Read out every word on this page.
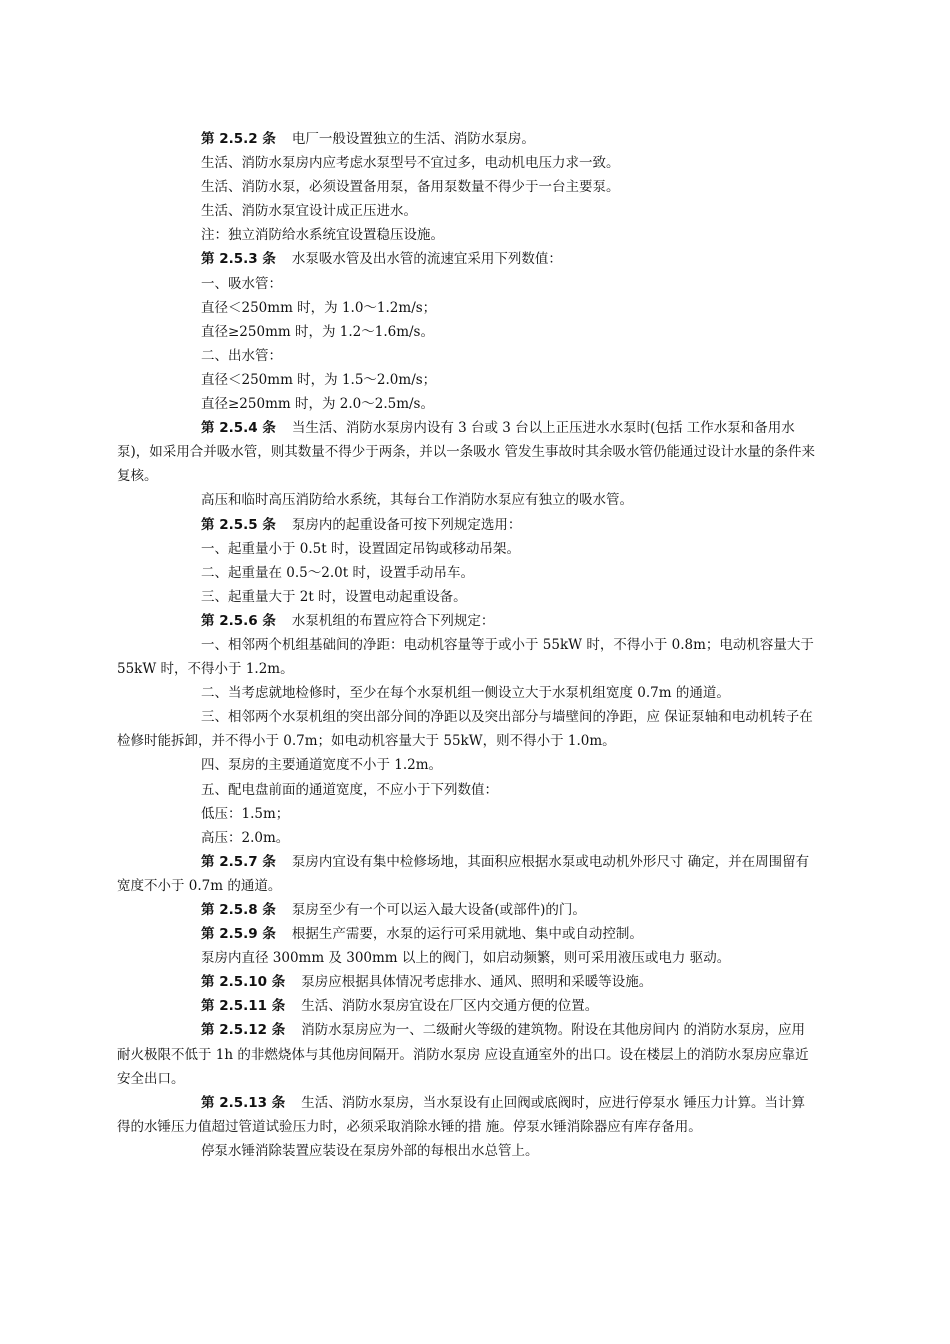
第 2.5.2 条 电厂一般设置独立的生活、消防水泵房。

生活、消防水泵房内应考虑水泵型号不宜过多，电动机电压力求一致。

生活、消防水泵，必须设置备用泵，备用泵数量不得少于一台主要泵。

生活、消防水泵宜设计成正压进水。

注：独立消防给水系统宜设置稳压设施。

第 2.5.3 条 水泵吸水管及出水管的流速宜采用下列数值：

一、吸水管：

直径＜250mm 时，为 1.0～1.2m/s；

直径≥250mm 时，为 1.2～1.6m/s。

二、出水管：

直径＜250mm 时，为 1.5～2.0m/s；

直径≥250mm 时，为 2.0～2.5m/s。

第 2.5.4 条 当生活、消防水泵房内设有 3 台或 3 台以上正压进水水泵时(包括 工作水泵和备用水泵)，如采用合并吸水管，则其数量不得少于两条，并以一条吸水 管发生事故时其余吸水管仍能通过设计水量的条件来复核。

高压和临时高压消防给水系统，其每台工作消防水泵应有独立的吸水管。

第 2.5.5 条 泵房内的起重设备可按下列规定选用：

一、起重量小于 0.5t 时，设置固定吊钩或移动吊架。

二、起重量在 0.5～2.0t 时，设置手动吊车。

三、起重量大于 2t 时，设置电动起重设备。

第 2.5.6 条 水泵机组的布置应符合下列规定：

一、相邻两个机组基础间的净距：电动机容量等于或小于 55kW 时，不得小于 0.8m；电动机容量大于 55kW 时，不得小于 1.2m。

二、当考虑就地检修时，至少在每个水泵机组一侧设立大于水泵机组宽度 0.7m 的通道。

三、相邻两个水泵机组的突出部分间的净距以及突出部分与墙壁间的净距，应 保证泵轴和电动机转子在检修时能拆卸，并不得小于 0.7m；如电动机容量大于 55kW，则不得小于 1.0m。

四、泵房的主要通道宽度不小于 1.2m。

五、配电盘前面的通道宽度，不应小于下列数值：

低压：1.5m；

高压：2.0m。

第 2.5.7 条 泵房内宜设有集中检修场地，其面积应根据水泵或电动机外形尺寸 确定，并在周围留有宽度不小于 0.7m 的通道。

第 2.5.8 条 泵房至少有一个可以运入最大设备(或部件)的门。

第 2.5.9 条 根据生产需要，水泵的运行可采用就地、集中或自动控制。

泵房内直径 300mm 及 300mm 以上的阀门，如启动频繁，则可采用液压或电力 驱动。

第 2.5.10 条 泵房应根据具体情况考虑排水、通风、照明和采暖等设施。

第 2.5.11 条 生活、消防水泵房宜设在厂区内交通方便的位置。

第 2.5.12 条 消防水泵房应为一、二级耐火等级的建筑物。附设在其他房间内 的消防水泵房，应用耐火极限不低于 1h 的非燃烧体与其他房间隔开。消防水泵房 应设直通室外的出口。设在楼层上的消防水泵房应靠近安全出口。

第 2.5.13 条 生活、消防水泵房，当水泵设有止回阀或底阀时，应进行停泵水 锤压力计算。当计算得的水锤压力值超过管道试验压力时，必须采取消除水锤的措 施。停泵水锤消除器应有库存备用。

停泵水锤消除装置应装设在泵房外部的每根出水总管上。
